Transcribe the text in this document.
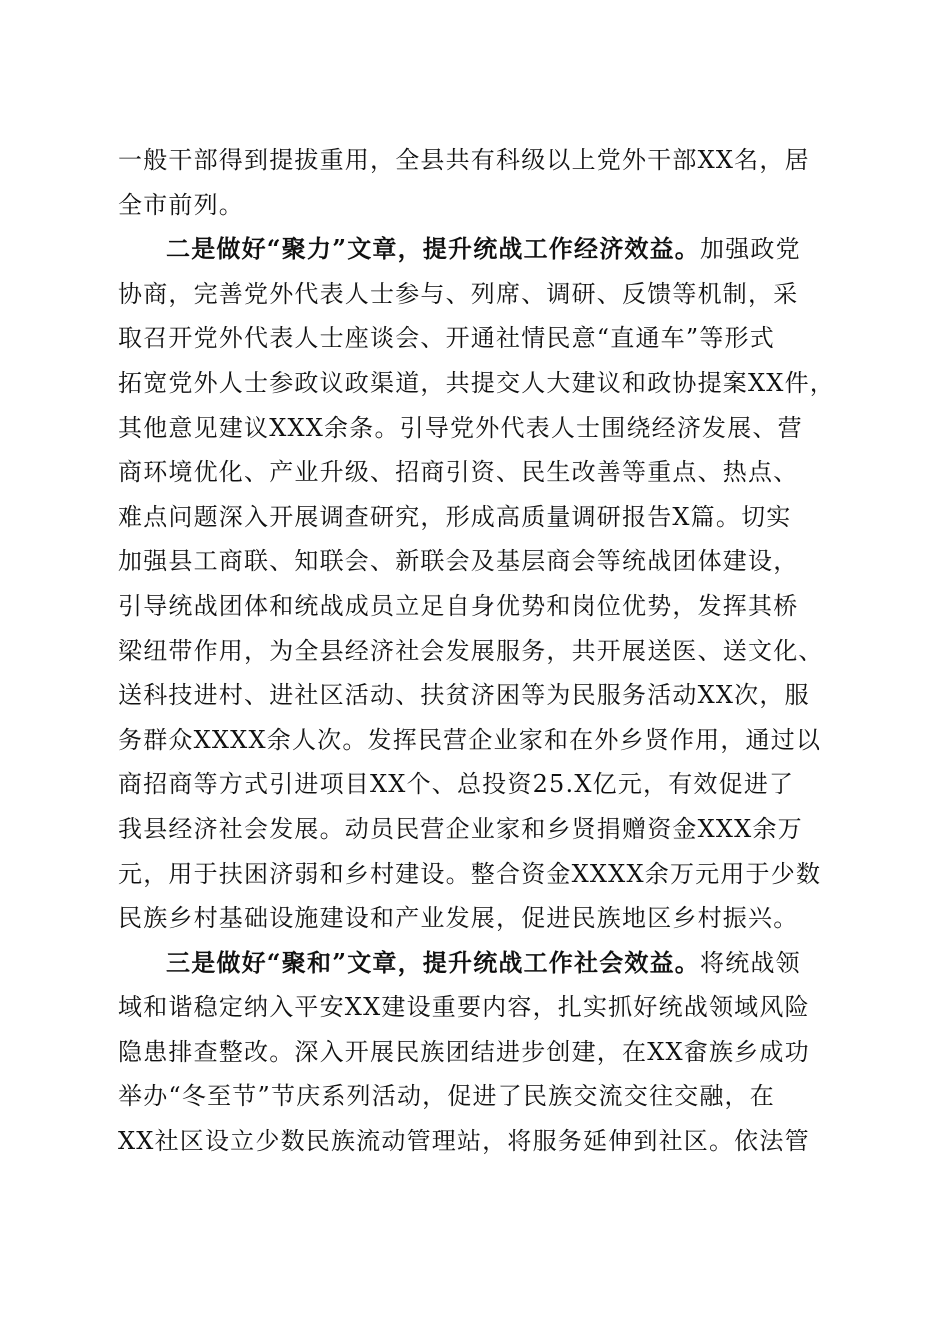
一般干部得到提拔重用，全县共有科级以上党外干部XX名，居
全市前列。
二是做好“聚力”文章，提升统战工作经济效益。加强政党
协商，完善党外代表人士参与、列席、调研、反馈等机制，采
取召开党外代表人士座谈会、开通社情民意“直通车”等形式
拓宽党外人士参政议政渠道，共提交人大建议和政协提案XX件，
其他意见建议XXX余条。引导党外代表人士围绕经济发展、营
商环境优化、产业升级、招商引资、民生改善等重点、热点、
难点问题深入开展调查研究，形成高质量调研报告X篇。切实
加强县工商联、知联会、新联会及基层商会等统战团体建设，
引导统战团体和统战成员立足自身优势和岗位优势，发挥其桥
梁纽带作用，为全县经济社会发展服务，共开展送医、送文化、
送科技进村、进社区活动、扶贫济困等为民服务活动XX次，服
务群众XXXX余人次。发挥民营企业家和在外乡贤作用，通过以
商招商等方式引进项目XX个、总投资25.X亿元，有效促进了
我县经济社会发展。动员民营企业家和乡贤捐赠资金XXX余万
元，用于扶困济弱和乡村建设。整合资金XXXX余万元用于少数
民族乡村基础设施建设和产业发展，促进民族地区乡村振兴。
三是做好“聚和”文章，提升统战工作社会效益。将统战领
域和谐稳定纳入平安XX建设重要内容，扎实抓好统战领域风险
隐患排查整改。深入开展民族团结进步创建，在XX畲族乡成功
举办“冬至节”节庆系列活动，促进了民族交流交往交融，在
XX社区设立少数民族流动管理站，将服务延伸到社区。依法管
